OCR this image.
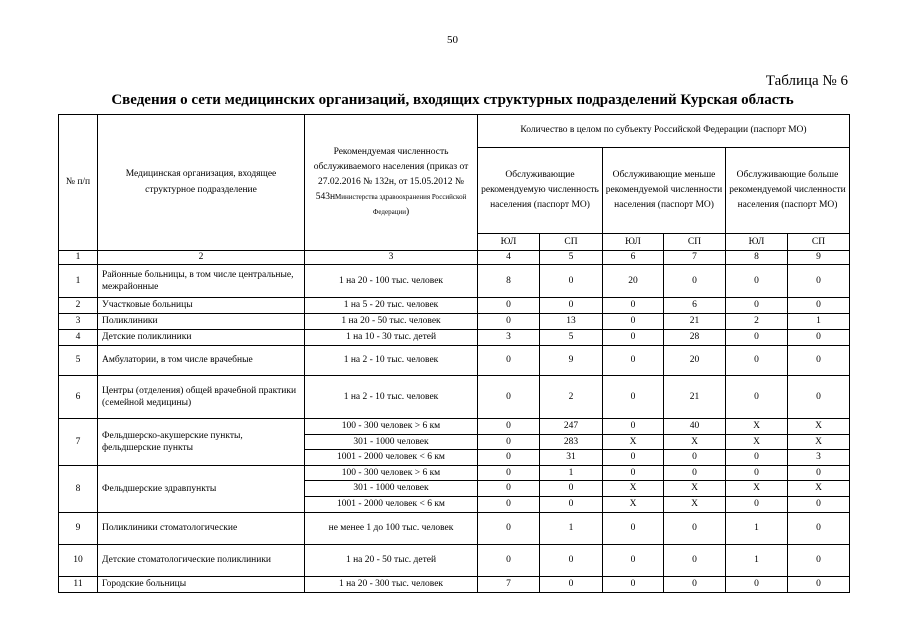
50
Таблица № 6
Сведения о сети медицинских организаций, входящих структурных подразделений Курская область
№ п/п	Медицинская организация, входящее структурное подразделение	Рекомендуемая численность обслуживаемого населения (приказ от 27.02.2016 № 132н, от 15.05.2012 № 543нМинистерства здравоохранения Российской Федерации)	Количество в целом по субъекту Российской Федерации (паспорт МО)					
			Обслуживающие рекомендуемую численность населения (паспорт МО)		Обслуживающие меньше рекомендуемой численности населения (паспорт МО)		Обслуживающие больше рекомендуемой численности населения (паспорт МО)	
			ЮЛ	СП	ЮЛ	СП	ЮЛ	СП
1	2	3	4	5	6	7	8	9
1	Районные больницы, в том числе центральные, межрайонные	1 на 20 - 100 тыс. человек	8	0	20	0	0	0
2	Участковые больницы	1 на 5 - 20 тыс. человек	0	0	0	6	0	0
3	Поликлиники	1 на 20 - 50 тыс. человек	0	13	0	21	2	1
4	Детские поликлиники	1 на 10 - 30 тыс. детей	3	5	0	28	0	0
5	Амбулатории, в том числе врачебные	1 на 2 - 10 тыс. человек	0	9	0	20	0	0
6	Центры (отделения) общей врачебной практики (семейной медицины)	1 на 2 - 10 тыс. человек	0	2	0	21	0	0
7	Фельдшерско-акушерские пункты, фельдшерские пункты	100 - 300 человек > 6 км	0	247	0	40	X	X
		301 - 1000 человек	0	283	X	X	X	X
		1001 - 2000 человек < 6 км	0	31	0	0	0	3
8	Фельдшерские здравпункты	100 - 300 человек > 6 км	0	1	0	0	0	0
		301 - 1000 человек	0	0	X	X	X	X
		1001 - 2000 человек < 6 км	0	0	X	X	0	0
9	Поликлиники стоматологические	не менее 1 до 100 тыс. человек	0	1	0	0	1	0
10	Детские стоматологические поликлиники	1 на 20 - 50 тыс. детей	0	0	0	0	1	0
11	Городские больницы	1 на 20 - 300 тыс. человек	7	0	0	0	0	0
